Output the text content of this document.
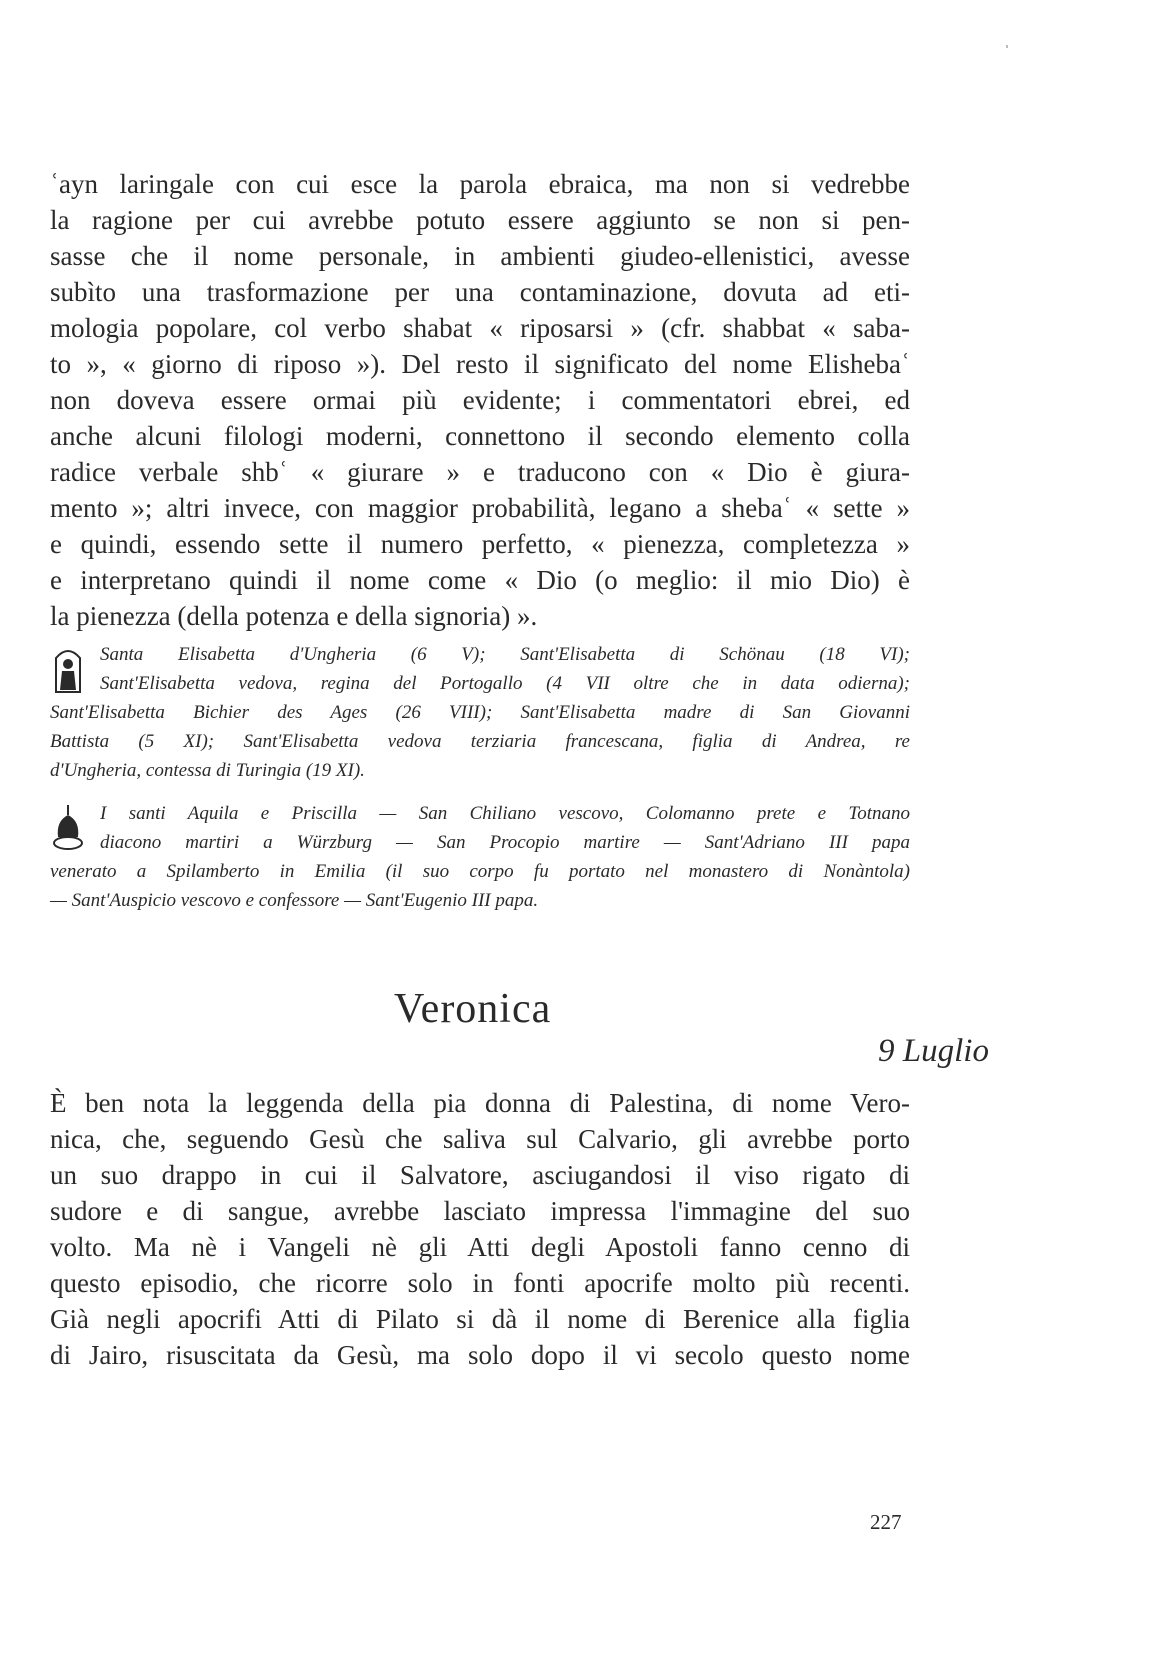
ʿayn laringale con cui esce la parola ebraica, ma non si vedrebbe
la ragione per cui avrebbe potuto essere aggiunto se non si pen-
sasse che il nome personale, in ambienti giudeo-ellenistici, avesse
subìto una trasformazione per una contaminazione, dovuta ad eti-
mologia popolare, col verbo shabat « riposarsi » (cfr. shabbat « saba-
to », « giorno di riposo »). Del resto il significato del nome Elishebaʿ
non doveva essere ormai più evidente; i commentatori ebrei, ed
anche alcuni filologi moderni, connettono il secondo elemento colla
radice verbale shbʿ « giurare » e traducono con « Dio è giura-
mento »; altri invece, con maggior probabilità, legano a shebaʿ « sette »
e quindi, essendo sette il numero perfetto, « pienezza, completezza »
e interpretano quindi il nome come « Dio (o meglio: il mio Dio) è
la pienezza (della potenza e della signoria) ».
Santa Elisabetta d'Ungheria (6 V); Sant'Elisabetta di Schönau (18 VI);
Sant'Elisabetta vedova, regina del Portogallo (4 VII oltre che in data odierna);
Sant'Elisabetta Bichier des Ages (26 VIII); Sant'Elisabetta madre di San Giovanni
Battista (5 XI); Sant'Elisabetta vedova terziaria francescana, figlia di Andrea, re
d'Ungheria, contessa di Turingia (19 XI).
I santi Aquila e Priscilla — San Chiliano vescovo, Colomanno prete e Totnano
diacono martiri a Würzburg — San Procopio martire — Sant'Adriano III papa
venerato a Spilamberto in Emilia (il suo corpo fu portato nel monastero di Nonàntola)
— Sant'Auspicio vescovo e confessore — Sant'Eugenio III papa.
Veronica
9 Luglio
È ben nota la leggenda della pia donna di Palestina, di nome Vero-
nica, che, seguendo Gesù che saliva sul Calvario, gli avrebbe porto
un suo drappo in cui il Salvatore, asciugandosi il viso rigato di
sudore e di sangue, avrebbe lasciato impressa l'immagine del suo
volto. Ma nè i Vangeli nè gli Atti degli Apostoli fanno cenno di
questo episodio, che ricorre solo in fonti apocrife molto più recenti.
Già negli apocrifi Atti di Pilato si dà il nome di Berenice alla figlia
di Jairo, risuscitata da Gesù, ma solo dopo il vi secolo questo nome
227
